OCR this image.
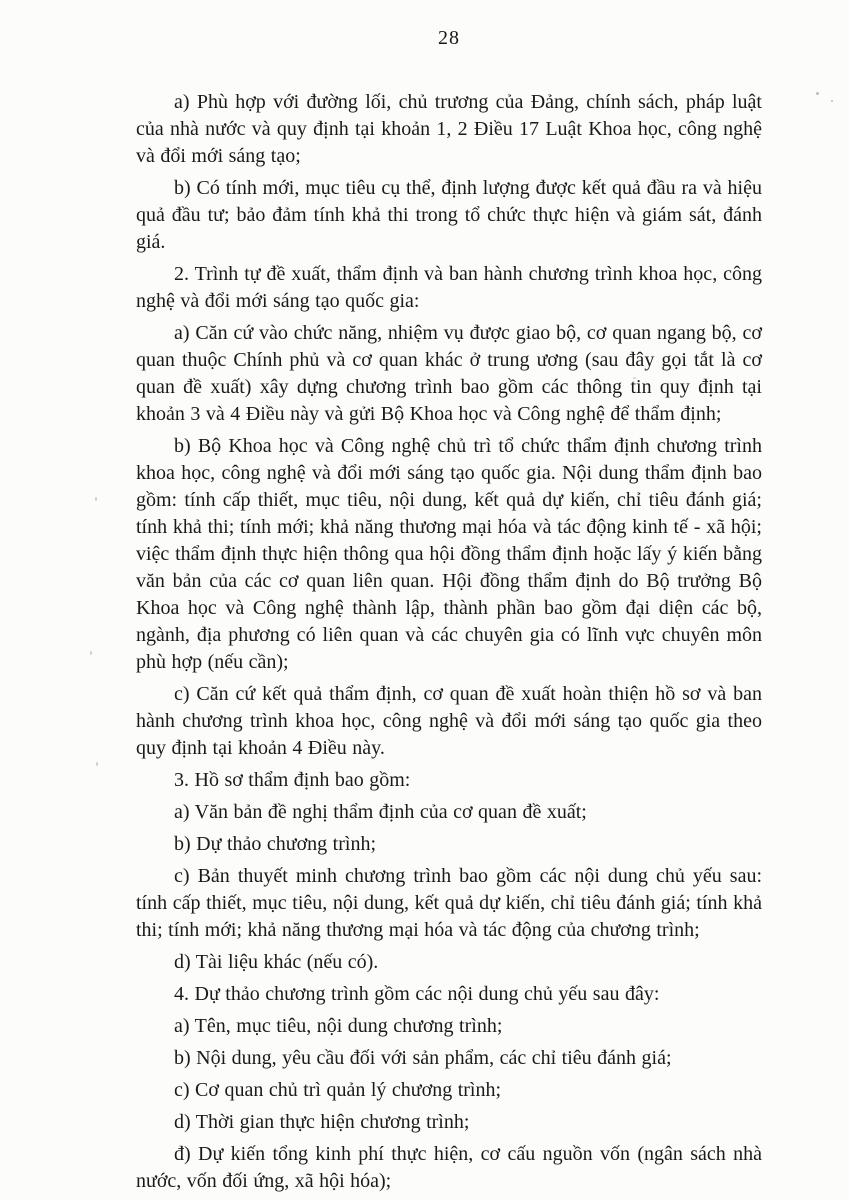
28

a) Phù hợp với đường lối, chủ trương của Đảng, chính sách, pháp luật của nhà nước và quy định tại khoản 1, 2 Điều 17 Luật Khoa học, công nghệ và đổi mới sáng tạo;

b) Có tính mới, mục tiêu cụ thể, định lượng được kết quả đầu ra và hiệu quả đầu tư; bảo đảm tính khả thi trong tổ chức thực hiện và giám sát, đánh giá.

2. Trình tự đề xuất, thẩm định và ban hành chương trình khoa học, công nghệ và đổi mới sáng tạo quốc gia:

a) Căn cứ vào chức năng, nhiệm vụ được giao bộ, cơ quan ngang bộ, cơ quan thuộc Chính phủ và cơ quan khác ở trung ương (sau đây gọi tắt là cơ quan đề xuất) xây dựng chương trình bao gồm các thông tin quy định tại khoản 3 và 4 Điều này và gửi Bộ Khoa học và Công nghệ để thẩm định;

b) Bộ Khoa học và Công nghệ chủ trì tổ chức thẩm định chương trình khoa học, công nghệ và đổi mới sáng tạo quốc gia. Nội dung thẩm định bao gồm: tính cấp thiết, mục tiêu, nội dung, kết quả dự kiến, chỉ tiêu đánh giá; tính khả thi; tính mới; khả năng thương mại hóa và tác động kinh tế - xã hội; việc thẩm định thực hiện thông qua hội đồng thẩm định hoặc lấy ý kiến bằng văn bản của các cơ quan liên quan. Hội đồng thẩm định do Bộ trưởng Bộ Khoa học và Công nghệ thành lập, thành phần bao gồm đại diện các bộ, ngành, địa phương có liên quan và các chuyên gia có lĩnh vực chuyên môn phù hợp (nếu cần);

c) Căn cứ kết quả thẩm định, cơ quan đề xuất hoàn thiện hồ sơ và ban hành chương trình khoa học, công nghệ và đổi mới sáng tạo quốc gia theo quy định tại khoản 4 Điều này.

3. Hồ sơ thẩm định bao gồm:

a) Văn bản đề nghị thẩm định của cơ quan đề xuất;

b) Dự thảo chương trình;

c) Bản thuyết minh chương trình bao gồm các nội dung chủ yếu sau: tính cấp thiết, mục tiêu, nội dung, kết quả dự kiến, chỉ tiêu đánh giá; tính khả thi; tính mới; khả năng thương mại hóa và tác động của chương trình;

d) Tài liệu khác (nếu có).

4. Dự thảo chương trình gồm các nội dung chủ yếu sau đây:

a) Tên, mục tiêu, nội dung chương trình;

b) Nội dung, yêu cầu đối với sản phẩm, các chỉ tiêu đánh giá;

c) Cơ quan chủ trì quản lý chương trình;

d) Thời gian thực hiện chương trình;

đ) Dự kiến tổng kinh phí thực hiện, cơ cấu nguồn vốn (ngân sách nhà nước, vốn đối ứng, xã hội hóa);
